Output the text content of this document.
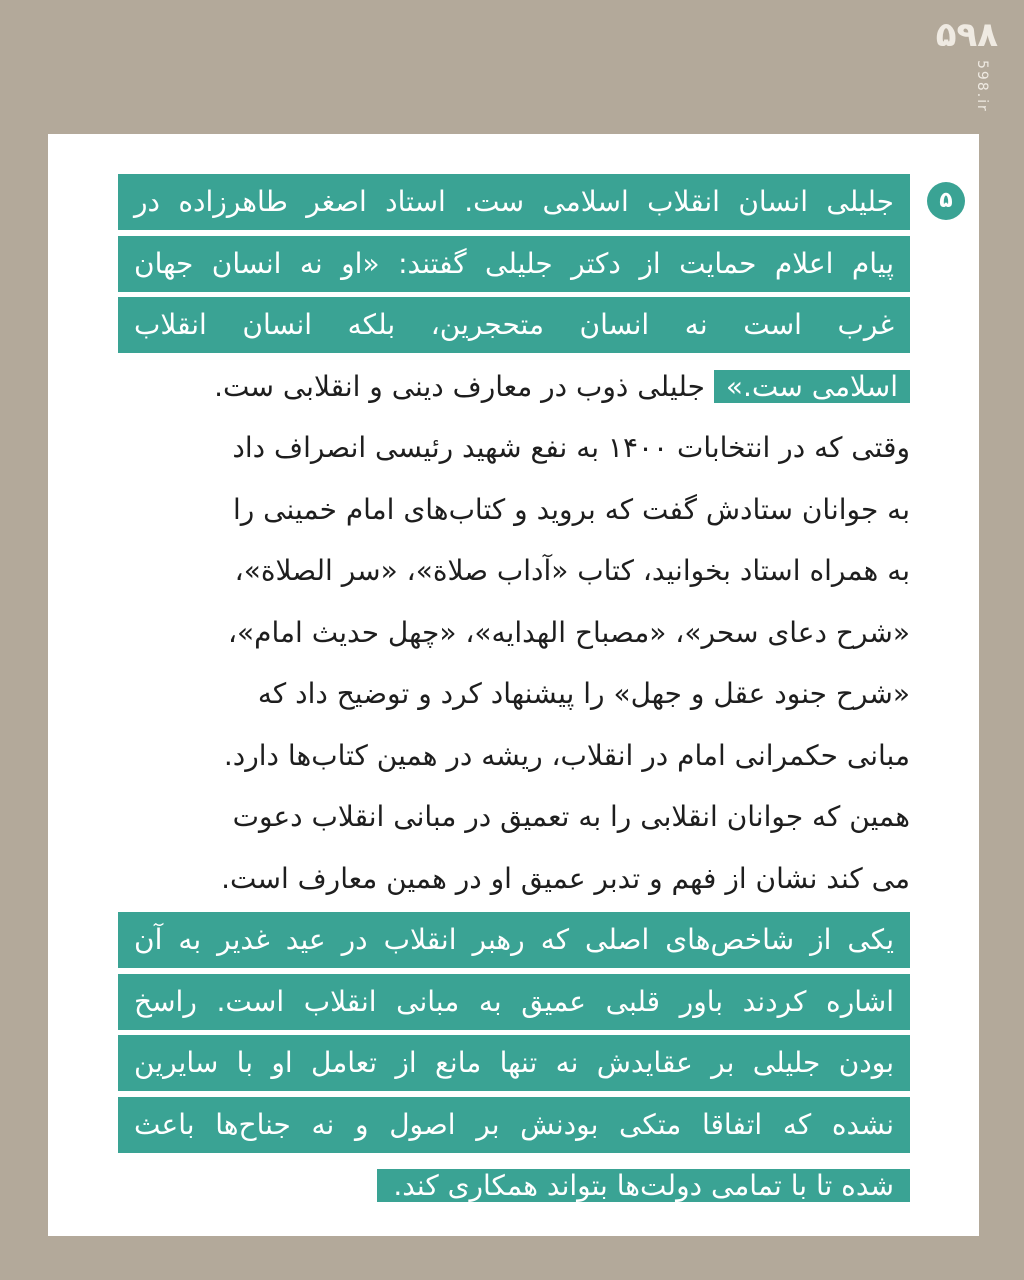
۵۹۸
598.ir
۵
جلیلی انسان انقلاب اسلامی ست. استاد اصغر طاهرزاده در
پیام اعلام حمایت از دکتر جلیلی گفتند: «او نه انسان جهان
غرب است نه انسان متحجرین، بلکه انسان انقلاب
اسلامی ست.» جلیلی ذوب در معارف دینی و انقلابی ست.
وقتی که در انتخابات ۱۴۰۰ به نفع شهید رئیسی انصراف داد
به جوانان ستادش گفت که بروید و کتاب‌های امام خمینی را
به همراه استاد بخوانید، کتاب «آداب صلاة»، «سر الصلاة»،
«شرح دعای سحر»، «مصباح الهدایه»، «چهل حدیث امام»،
«شرح جنود عقل و جهل» را پیشنهاد کرد و توضیح داد که
مبانی حکمرانی امام در انقلاب، ریشه در همین کتاب‌ها دارد.
همین که جوانان انقلابی را به تعمیق در مبانی انقلاب دعوت
می کند نشان از فهم و تدبر عمیق او در همین معارف است.
یکی از شاخص‌های اصلی که رهبر انقلاب در عید غدیر به آن
اشاره کردند باور قلبی عمیق به مبانی انقلاب است. راسخ
بودن جلیلی بر عقایدش نه تنها مانع از تعامل او با سایرین
نشده که اتفاقا متکی بودنش بر اصول و نه جناح‌ها باعث
شده تا با تمامی دولت‌ها بتواند همکاری کند.
